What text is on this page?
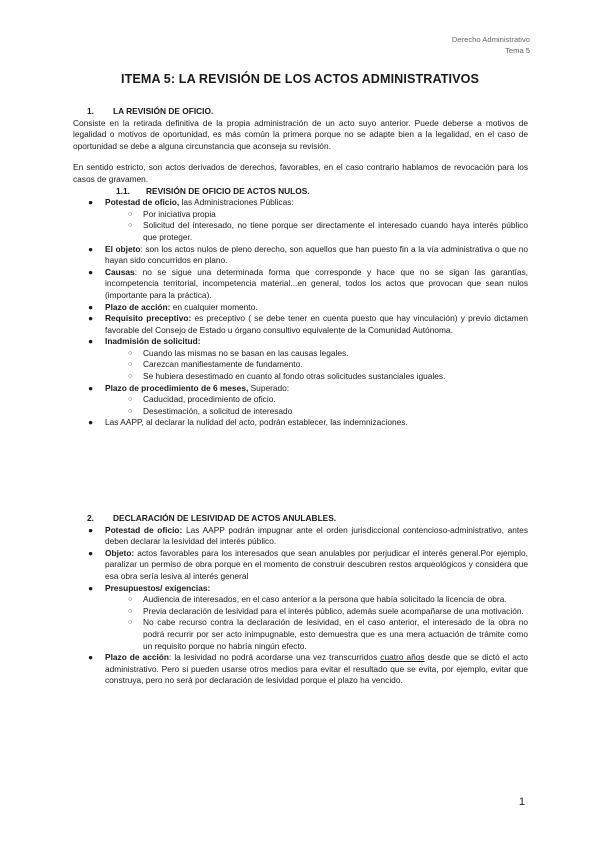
Derecho Administrativo
Tema 5
ITEMA 5: LA REVISIÓN DE LOS ACTOS ADMINISTRATIVOS
1. LA REVISIÓN DE OFICIO.
Consiste en la retirada definitiva de la propia administración de un acto suyo anterior. Puede deberse a motivos de legalidad o motivos de oportunidad, es más común la primera porque no se adapte bien a la legalidad, en el caso de oportunidad se debe a alguna circunstancia que aconseja su revisión.
En sentido estricto, son actos derivados de derechos, favorables, en el caso contrario hablamos de revocación para los casos de gravamen.
1.1. REVISIÓN DE OFICIO DE ACTOS NULOS.
● Potestad de oficio, las Administraciones Públicas:
○ Por iniciativa propia
○ Solicitud del interesado, no tiene porque ser directamente el interesado cuando haya interés público que proteger.
● El objeto: son los actos nulos de pleno derecho, son aquellos que han puesto fin a la vía administrativa o que no hayan sido concurridos en plano.
● Causas: no se sigue una determinada forma que corresponde y hace que no se sigan las garantías, incompetencia territorial, incompetencia material...en general, todos los actos que provocan que sean nulos (importante para la práctica).
● Plazo de acción: en cualquier momento.
● Requisito preceptivo: es preceptivo ( se debe tener en cuenta puesto que hay vinculación) y previo dictamen favorable del Consejo de Estado u órgano consultivo equivalente de la Comunidad Autónoma.
● Inadmisión de solicitud:
○ Cuando las mismas no se basan en las causas legales.
○ Carezcan manifiestamente de fundamento.
○ Se hubiera desestimado en cuanto al fondo otras solicitudes sustanciales iguales.
● Plazo de procedimiento de 6 meses, Superado:
○ Caducidad, procedimiento de oficio.
○ Desestimación, a solicitud de interesado
● Las AAPP, al declarar la nulidad del acto, podrán establecer, las indemnizaciones.
2. DECLARACIÓN DE LESIVIDAD DE ACTOS ANULABLES.
● Potestad de oficio: Las AAPP podrán impugnar ante el orden jurisdiccional contencioso-administrativo, antes deben declarar la lesividad del interés público.
● Objeto: actos favorables para los interesados que sean anulables por perjudicar el interés general.Por ejemplo, paralizar un permiso de obra porque en el momento de construir descubren restos arqueológicos y considera que esa obra sería lesiva al interés general
● Presupuestos/ exigencias:
○ Audiencia de interesados, en el caso anterior a la persona que había solicitado la licencia de obra.
○ Previa declaración de lesividad para el interés público, además suele acompañarse de una motivación.
○ No cabe recurso contra la declaración de lesividad, en el caso anterior, el interesado de la obra no podrá recurrir por ser acto inimpugnable, esto demuestra que es una mera actuación de trámite como un requisito porque no habría ningún efecto.
● Plazo de acción: la lesividad no podrá acordarse una vez transcurridos cuatro años desde que se dictó el acto administrativo. Pero si pueden usarse otros medios para evitar el resultado que se evita, por ejemplo, evitar que construya, pero no será por declaración de lesividad porque el plazo ha vencido.
1
